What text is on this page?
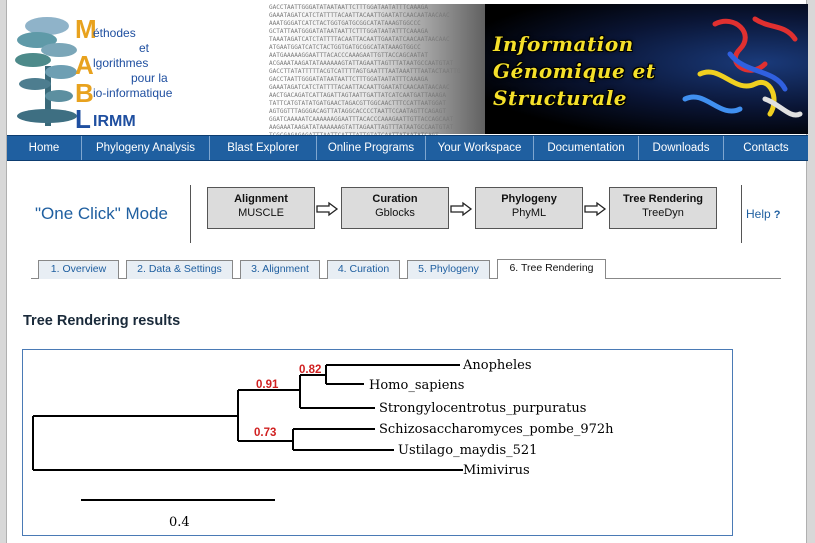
M
A
B
L
éthodes
et
lgorithmes
pour la
io-informatique
IRMM
GACCTAATTGGGATATAATAATTCTTTGGATAATATTTCAAAGA
GAAATAGATCATCTATTTTACAATTACAATTGAATATCAACAATAACAAC
AAATGGGATCATCTACTGGTGATGCGGCATATAAAGTGGCCC
GCTATTAATGGGATATAATAATTCTTTGGATAATATTTCAAAGA
TAAATAGATCATCTATTTTACAATTACAATTGAATATCAACAATAACAAC
ATGAATGGATCATCTACTGGTGATGCGGCATATAAAGTGGCC
AATGAAAAAGGAATTTACACCCAAAGAATTGTTACCAGCAATAT
ACGAAATAAGATATAAAAAAGTATTAGAATTAGTTTATAATGCCAATGTAT
GACCTTATATTTTTACGTCATTTTAGTGAATTTAATAAATTTAATACTAATTG
GACCTAATTGGGATATAATAATTCTTTGGATAATATTTCAAAGA
GAAATAGATCATCTATTTTACAATTACAATTGAATATCAACAATAACAAC
AACTGACAGATCATTAGATTAGTAATTGATTATCATCAATGATTAAAGA
TATTCATGTATATGATGAACTAGACGTTGGCAACTTTCCATTAATGGAT
AGTGGTTTAGGGACAGTTATAGGCACCCCTAATTCCAATAGTTCAGAGT
GGATCAAAAATCAAAAAAGGAATTTACACCCAAAGAATTGTTACCAGCAAT
AAGAAATAAGATATAAAAAAGTATTAGAATTAGTTTATAATGCCAATGTAT
Information
Génomique et
Structurale
Home	Phylogeny Analysis	Blast Explorer	Online Programs	Your Workspace	Documentation	Downloads	Contacts
"One Click" Mode
Alignment
MUSCLE
Curation
Gblocks
Phylogeny
PhyML
Tree Rendering
TreeDyn	Help ?
1. Overview	2. Data & Settings	3. Alignment	4. Curation	5. Phylogeny	6. Tree Rendering
Tree Rendering results
Anopheles
Homo_sapiens
Strongylocentrotus_purpuratus
Schizosaccharomyces_pombe_972h
Ustilago_maydis_521
Mimivirus
0.82
0.91
0.73
0.4
